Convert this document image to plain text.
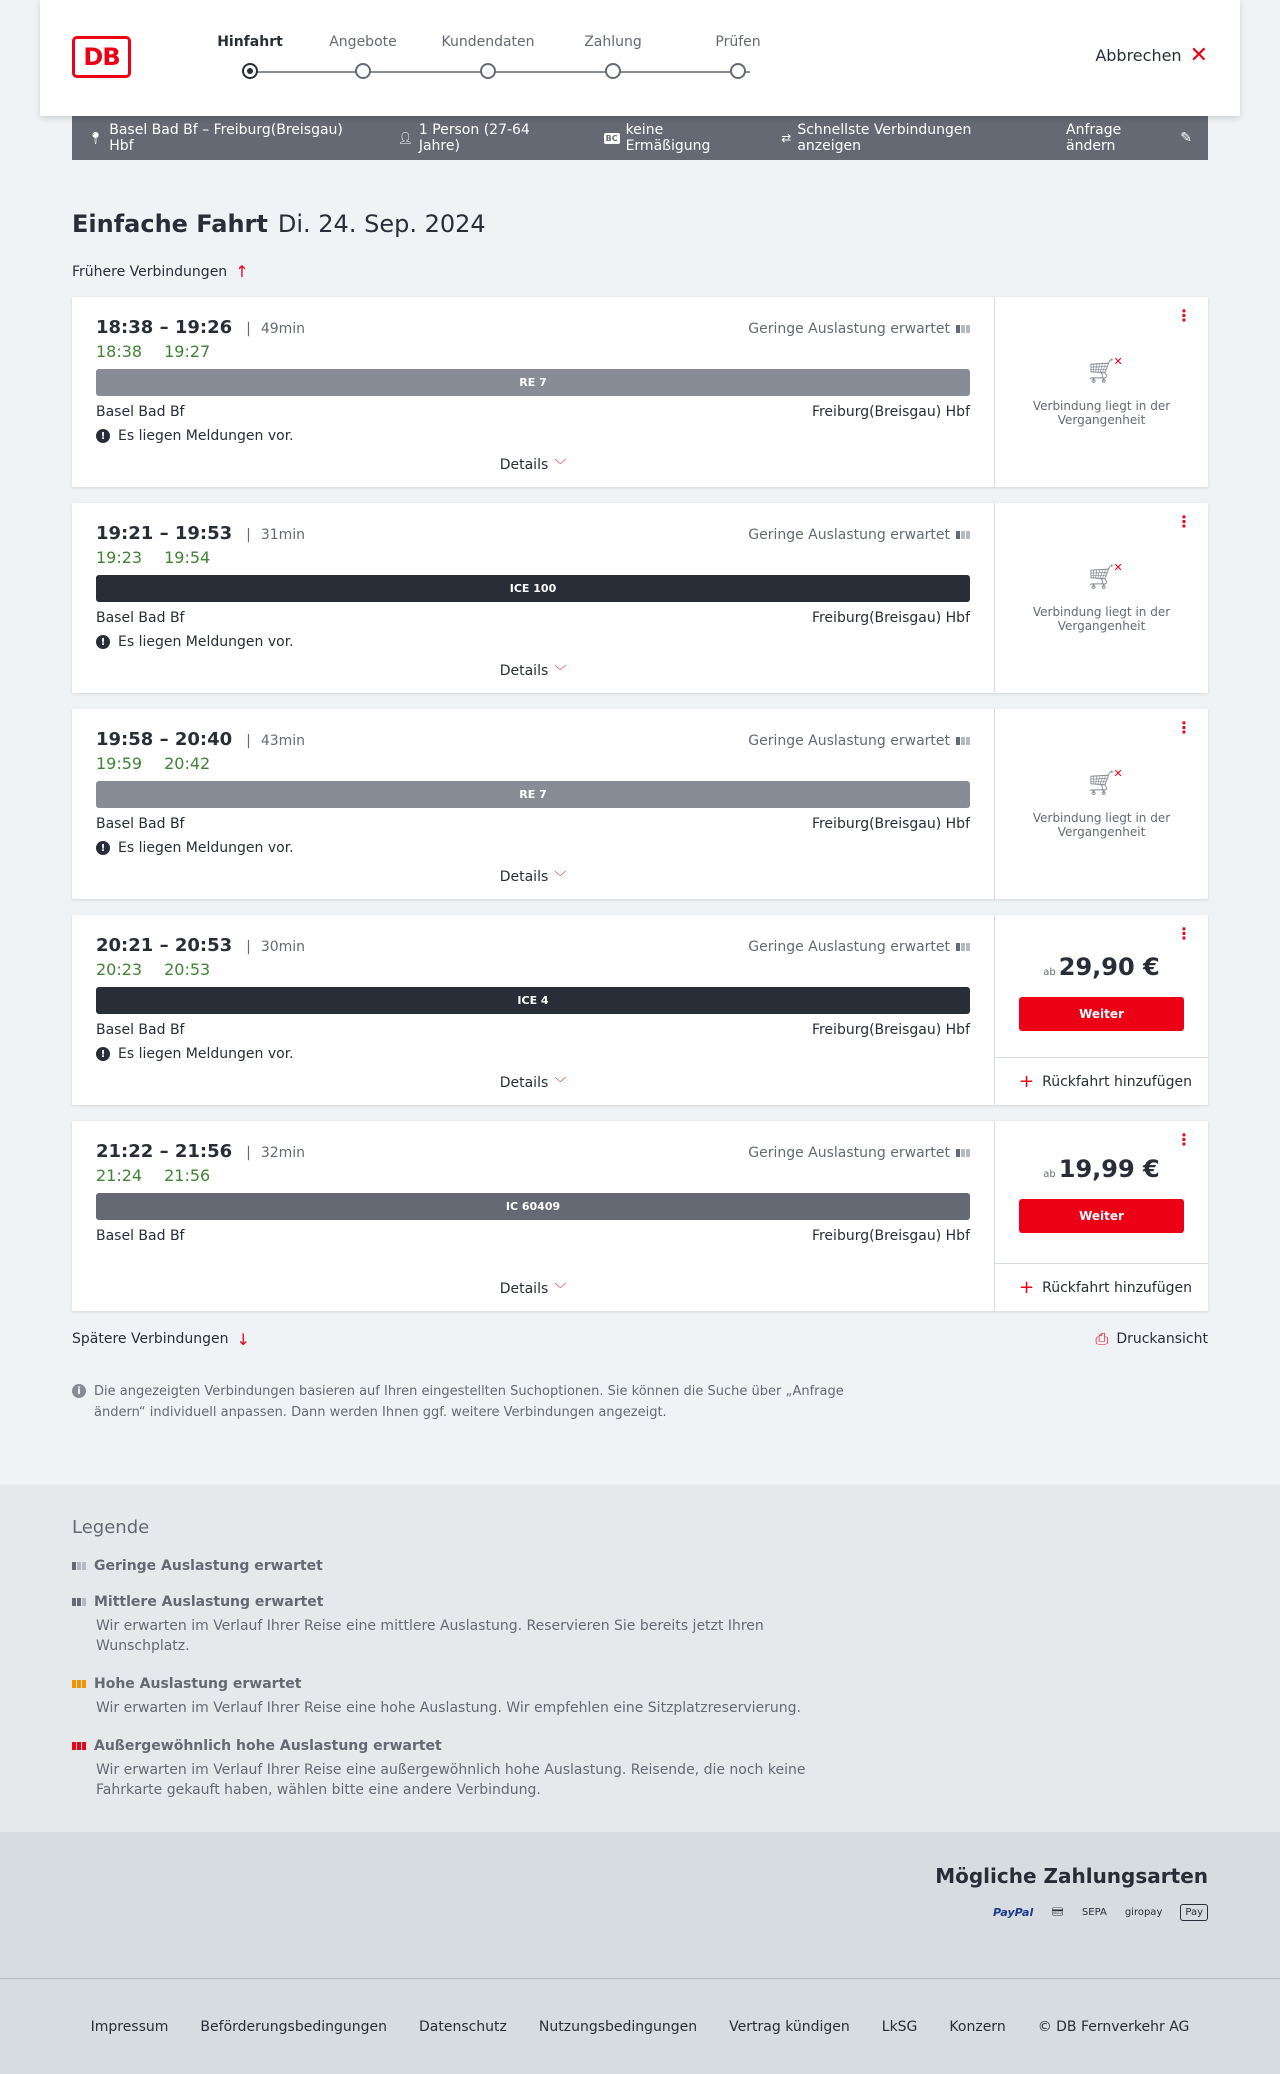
DB
Hinfahrt	Angebote	Kundendaten	Zahlung	Prüfen
Abbrechen ✕
📍︎ Basel Bad Bf – Freiburg(Breisgau) Hbf	👤︎ 1 Person (27-64 Jahre)	BC keine Ermäßigung	⇄ Schnellste Verbindungen anzeigen
Anfrage ändern	✎
Einfache Fahrt Di. 24. Sep. 2024
Frühere Verbindungen ↑
18:38 – 19:26 | 49min	Geringe Auslastung erwartet
18:38 19:27
RE 7
Basel Bad Bf	Freiburg(Breisgau) Hbf
! Es liegen Meldungen vor.
Details ﹀
⋮
🛒︎
✕
Verbindung liegt in der Vergangenheit
19:21 – 19:53 | 31min	Geringe Auslastung erwartet
19:23 19:54
ICE 100
Basel Bad Bf	Freiburg(Breisgau) Hbf
! Es liegen Meldungen vor.
Details ﹀
⋮
🛒︎
✕
Verbindung liegt in der Vergangenheit
19:58 – 20:40 | 43min	Geringe Auslastung erwartet
19:59 20:42
RE 7
Basel Bad Bf	Freiburg(Breisgau) Hbf
! Es liegen Meldungen vor.
Details ﹀
⋮
🛒︎
✕
Verbindung liegt in der Vergangenheit
20:21 – 20:53 | 30min	Geringe Auslastung erwartet
20:23 20:53
ICE 4
Basel Bad Bf	Freiburg(Breisgau) Hbf
! Es liegen Meldungen vor.
Details ﹀
⋮
ab 29,90 €
Weiter
+ Rückfahrt hinzufügen
21:22 – 21:56 | 32min	Geringe Auslastung erwartet
21:24 21:56
IC 60409
Basel Bad Bf	Freiburg(Breisgau) Hbf
Details ﹀
⋮
ab 19,99 €
Weiter
+ Rückfahrt hinzufügen
Spätere Verbindungen ↓	⎙ Druckansicht
i	Die angezeigten Verbindungen basieren auf Ihren eingestellten Suchoptionen. Sie können die Suche über „Anfrage ändern“ individuell anpassen. Dann werden Ihnen ggf. weitere Verbindungen angezeigt.
Legende
Geringe Auslastung erwartet
Mittlere Auslastung erwartet
Wir erwarten im Verlauf Ihrer Reise eine mittlere Auslastung. Reservieren Sie bereits jetzt Ihren Wunschplatz.
Hohe Auslastung erwartet
Wir erwarten im Verlauf Ihrer Reise eine hohe Auslastung. Wir empfehlen eine Sitzplatzreservierung.
Außergewöhnlich hohe Auslastung erwartet
Wir erwarten im Verlauf Ihrer Reise eine außergewöhnlich hohe Auslastung. Reisende, die noch keine Fahrkarte gekauft haben, wählen bitte eine andere Verbindung.
Mögliche Zahlungsarten
PayPal 💳︎ SEPA giropay	Pay
Impressum Beförderungsbedingungen Datenschutz Nutzungsbedingungen Vertrag kündigen LkSG Konzern © DB Fernverkehr AG
